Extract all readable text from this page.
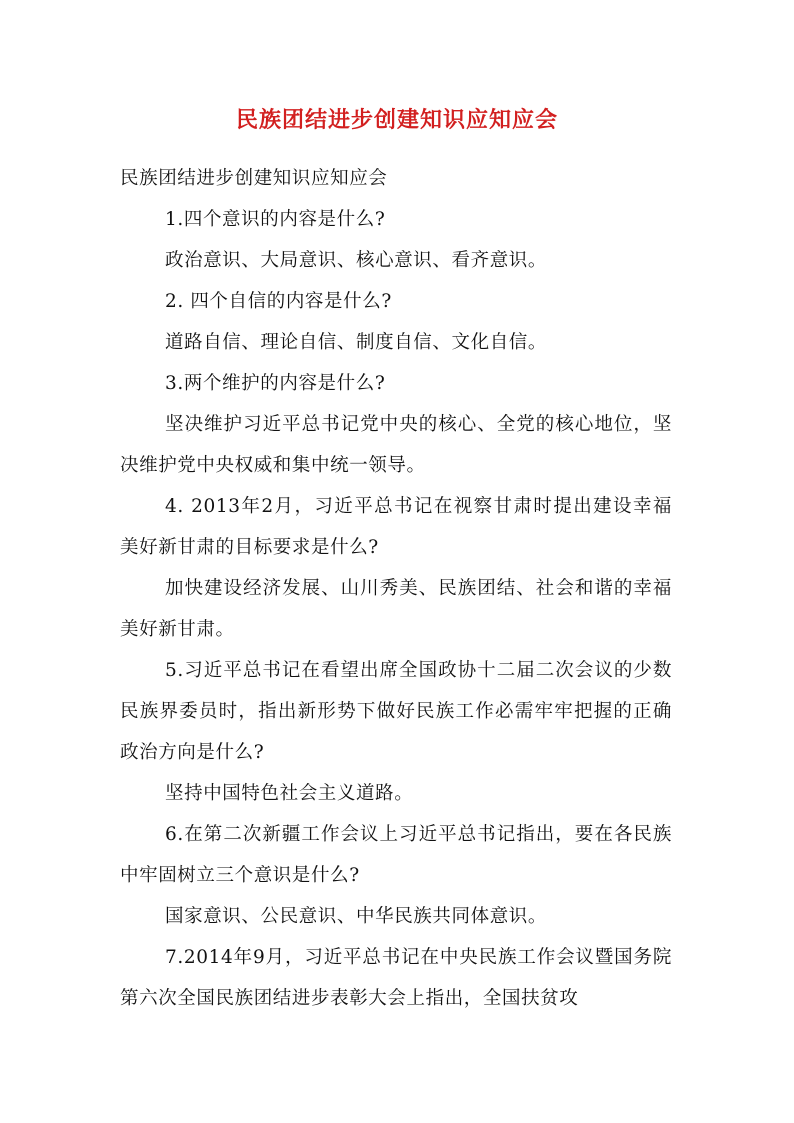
民族团结进步创建知识应知应会

民族团结进步创建知识应知应会

1.四个意识的内容是什么?

政治意识、大局意识、核心意识、看齐意识。

2. 四个自信的内容是什么?

道路自信、理论自信、制度自信、文化自信。

3.两个维护的内容是什么?

坚决维护习近平总书记党中央的核心、全党的核心地位，坚决维护党中央权威和集中统一领导。

4. 2013年2月，习近平总书记在视察甘肃时提出建设幸福美好新甘肃的目标要求是什么?

加快建设经济发展、山川秀美、民族团结、社会和谐的幸福美好新甘肃。

5.习近平总书记在看望出席全国政协十二届二次会议的少数民族界委员时，指出新形势下做好民族工作必需牢牢把握的正确政治方向是什么?

坚持中国特色社会主义道路。

6.在第二次新疆工作会议上习近平总书记指出，要在各民族中牢固树立三个意识是什么?

国家意识、公民意识、中华民族共同体意识。

7.2014年9月，习近平总书记在中央民族工作会议暨国务院第六次全国民族团结进步表彰大会上指出，全国扶贫攻
